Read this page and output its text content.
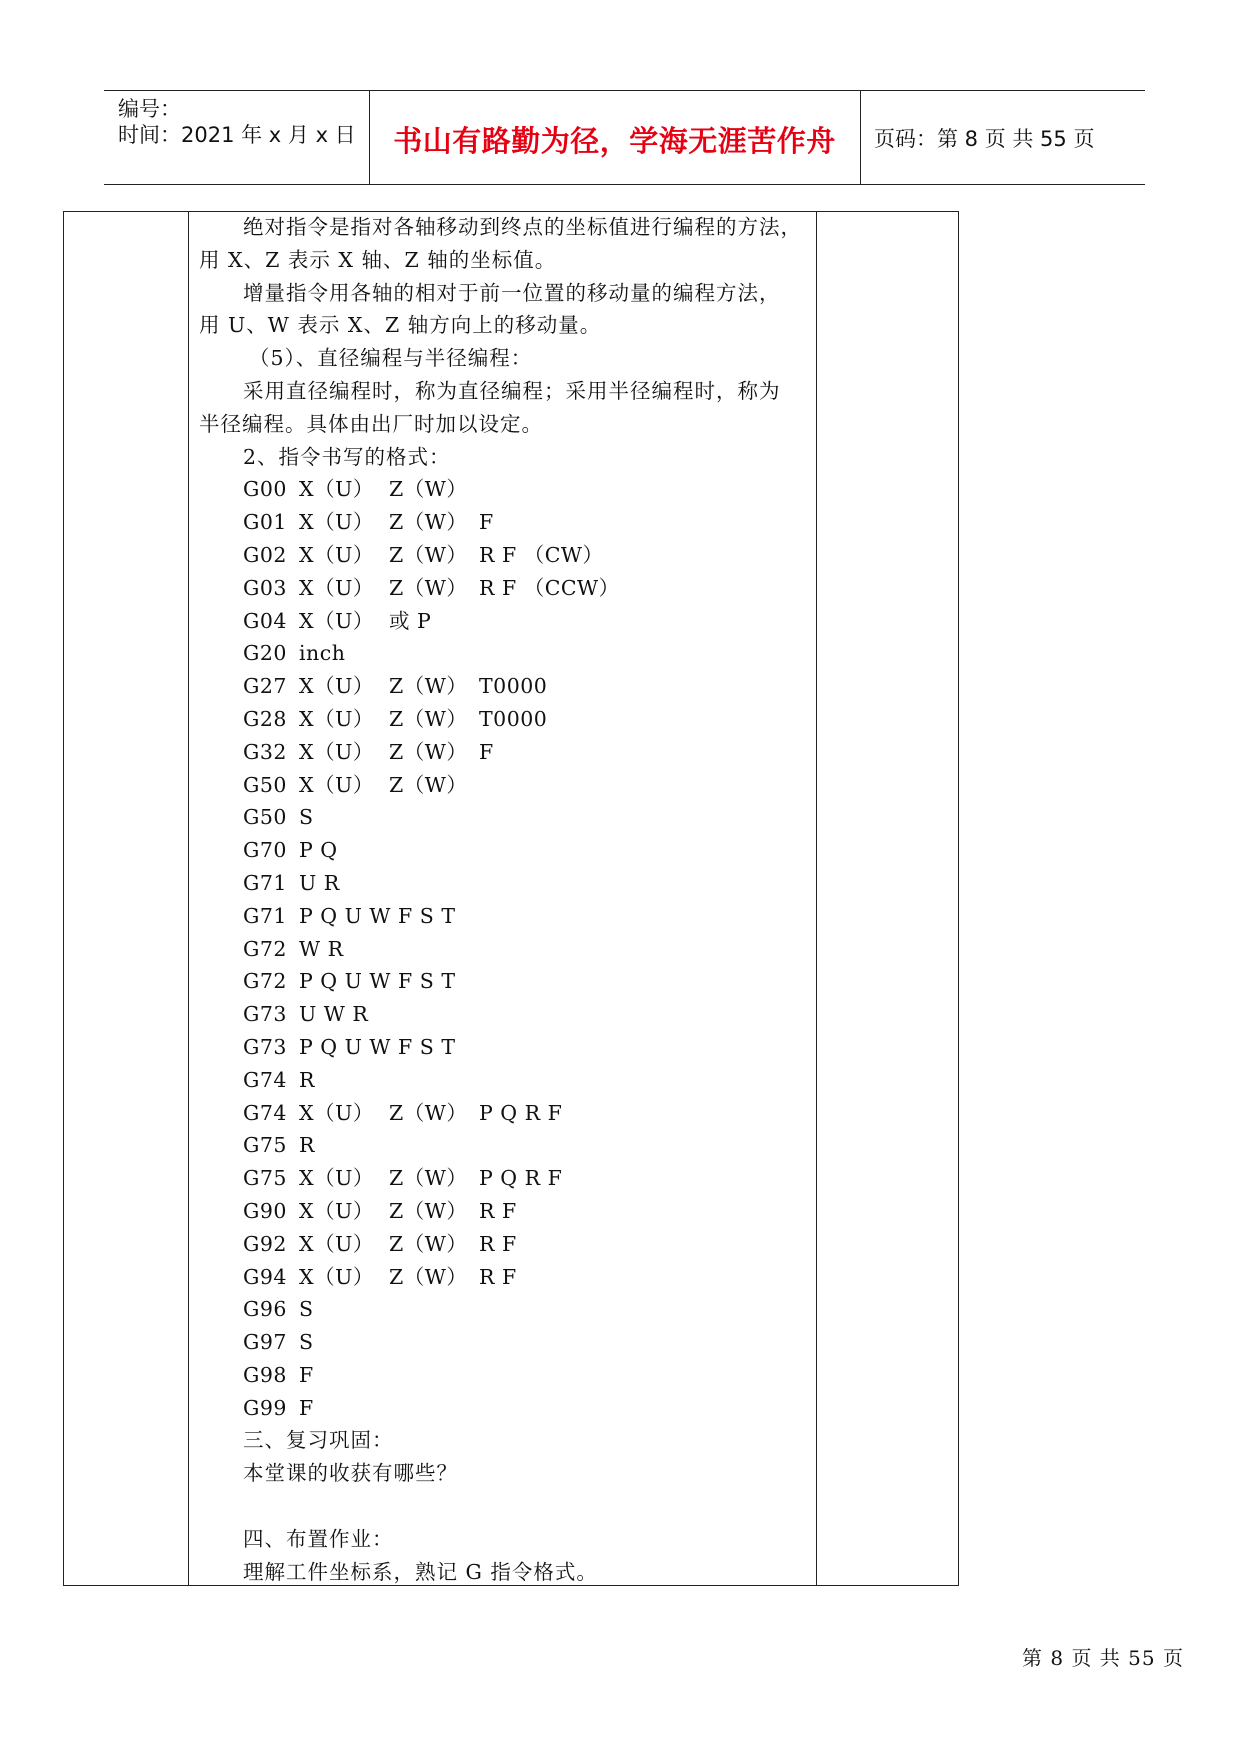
编号：
时间：2021 年 x 月 x 日	书山有路勤为径，学海无涯苦作舟	页码：第 8 页 共 55 页
绝对指令是指对各轴移动到终点的坐标值进行编程的方法，
用 X、Z 表示 X 轴、Z 轴的坐标值。
增量指令用各轴的相对于前一位置的移动量的编程方法，
用 U、W 表示 X、Z 轴方向上的移动量。
（5）、直径编程与半径编程：
采用直径编程时，称为直径编程；采用半径编程时，称为
半径编程。具体由出厂时加以设定。
2、指令书写的格式：
G00 X（U） Z（W）
G01 X（U） Z（W） F
G02 X（U） Z（W） R F （CW）
G03 X（U） Z（W） R F （CCW）
G04 X（U） 或 P
G20 inch
G27 X（U） Z（W） T0000
G28 X（U） Z（W） T0000
G32 X（U） Z（W） F
G50 X（U） Z（W）
G50 S
G70 P Q
G71 U R
G71 P Q U W F S T
G72 W R
G72 P Q U W F S T
G73 U W R
G73 P Q U W F S T
G74 R
G74 X（U） Z（W） P Q R F
G75 R
G75 X（U） Z（W） P Q R F
G90 X（U） Z（W） R F
G92 X（U） Z（W） R F
G94 X（U） Z（W） R F
G96 S
G97 S
G98 F
G99 F
三、复习巩固：
本堂课的收获有哪些？
四、布置作业：
理解工件坐标系，熟记 G 指令格式。
第 8 页 共 55 页
